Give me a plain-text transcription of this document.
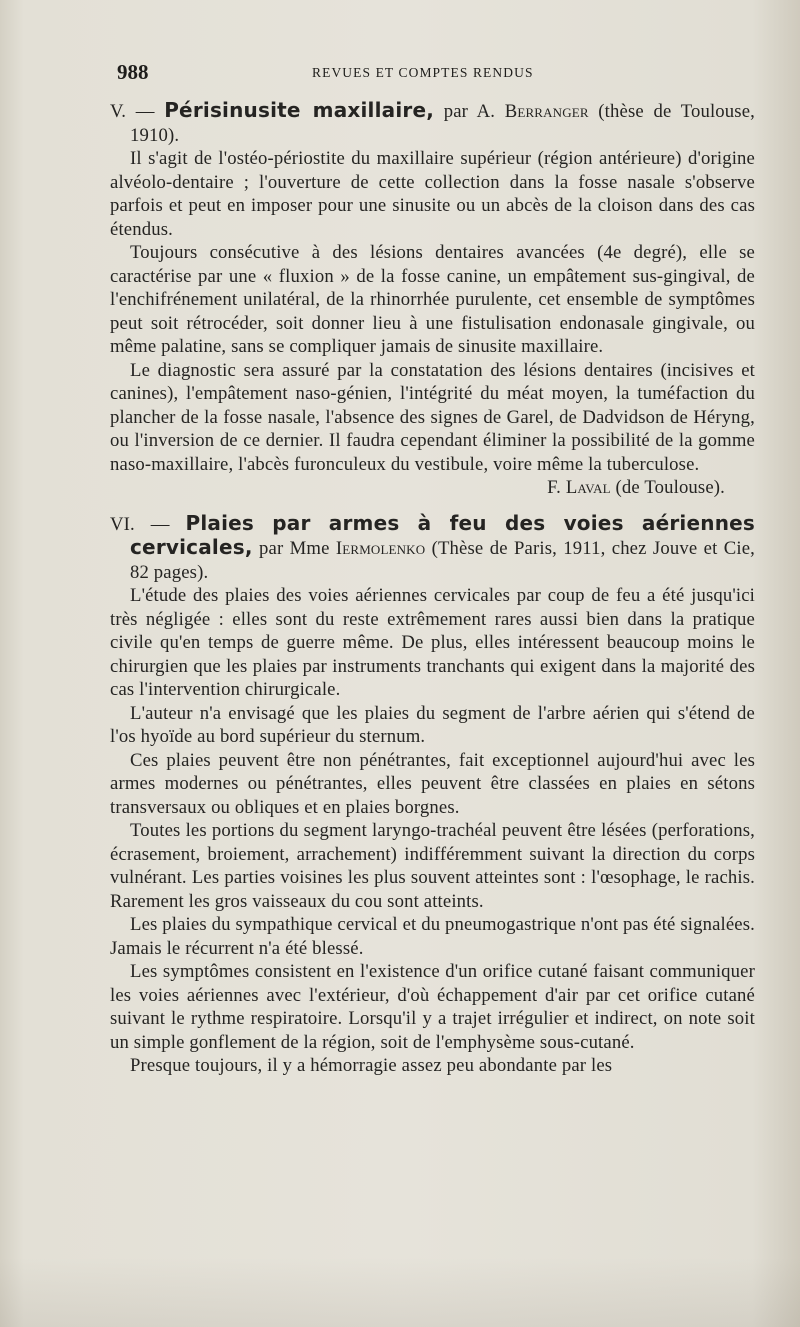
988	REVUES ET COMPTES RENDUS
V. — Périsinusite maxillaire, par A. Berranger (thèse de Toulouse, 1910).

Il s'agit de l'ostéo-périostite du maxillaire supérieur (région antérieure) d'origine alvéolo-dentaire ; l'ouverture de cette collection dans la fosse nasale s'observe parfois et peut en imposer pour une sinusite ou un abcès de la cloison dans des cas étendus.

Toujours consécutive à des lésions dentaires avancées (4e degré), elle se caractérise par une « fluxion » de la fosse canine, un empâtement sus-gingival, de l'enchifrénement unilatéral, de la rhinorrhée purulente, cet ensemble de symptômes peut soit rétrocéder, soit donner lieu à une fistulisation endonasale gingivale, ou même palatine, sans se compliquer jamais de sinusite maxillaire.

Le diagnostic sera assuré par la constatation des lésions dentaires (incisives et canines), l'empâtement naso-génien, l'intégrité du méat moyen, la tuméfaction du plancher de la fosse nasale, l'absence des signes de Garel, de Dadvidson de Héryng, ou l'inversion de ce dernier. Il faudra cependant éliminer la possibilité de la gomme naso-maxillaire, l'abcès furonculeux du vestibule, voire même la tuberculose.

F. Laval (de Toulouse).
VI. — Plaies par armes à feu des voies aériennes cervicales, par Mme Iermolenko (Thèse de Paris, 1911, chez Jouve et Cie, 82 pages).

L'étude des plaies des voies aériennes cervicales par coup de feu a été jusqu'ici très négligée : elles sont du reste extrêmement rares aussi bien dans la pratique civile qu'en temps de guerre même. De plus, elles intéressent beaucoup moins le chirurgien que les plaies par instruments tranchants qui exigent dans la majorité des cas l'intervention chirurgicale.

L'auteur n'a envisagé que les plaies du segment de l'arbre aérien qui s'étend de l'os hyoïde au bord supérieur du sternum.

Ces plaies peuvent être non pénétrantes, fait exceptionnel aujourd'hui avec les armes modernes ou pénétrantes, elles peuvent être classées en plaies en sétons transversaux ou obliques et en plaies borgnes.

Toutes les portions du segment laryngo-trachéal peuvent être lésées (perforations, écrasement, broiement, arrachement) indifféremment suivant la direction du corps vulnérant. Les parties voisines les plus souvent atteintes sont : l'œsophage, le rachis. Rarement les gros vaisseaux du cou sont atteints.

Les plaies du sympathique cervical et du pneumogastrique n'ont pas été signalées. Jamais le récurrent n'a été blessé.

Les symptômes consistent en l'existence d'un orifice cutané faisant communiquer les voies aériennes avec l'extérieur, d'où échappement d'air par cet orifice cutané suivant le rythme respiratoire. Lorsqu'il y a trajet irrégulier et indirect, on note soit un simple gonflement de la région, soit de l'emphysème sous-cutané.

Presque toujours, il y a hémorragie assez peu abondante par les
